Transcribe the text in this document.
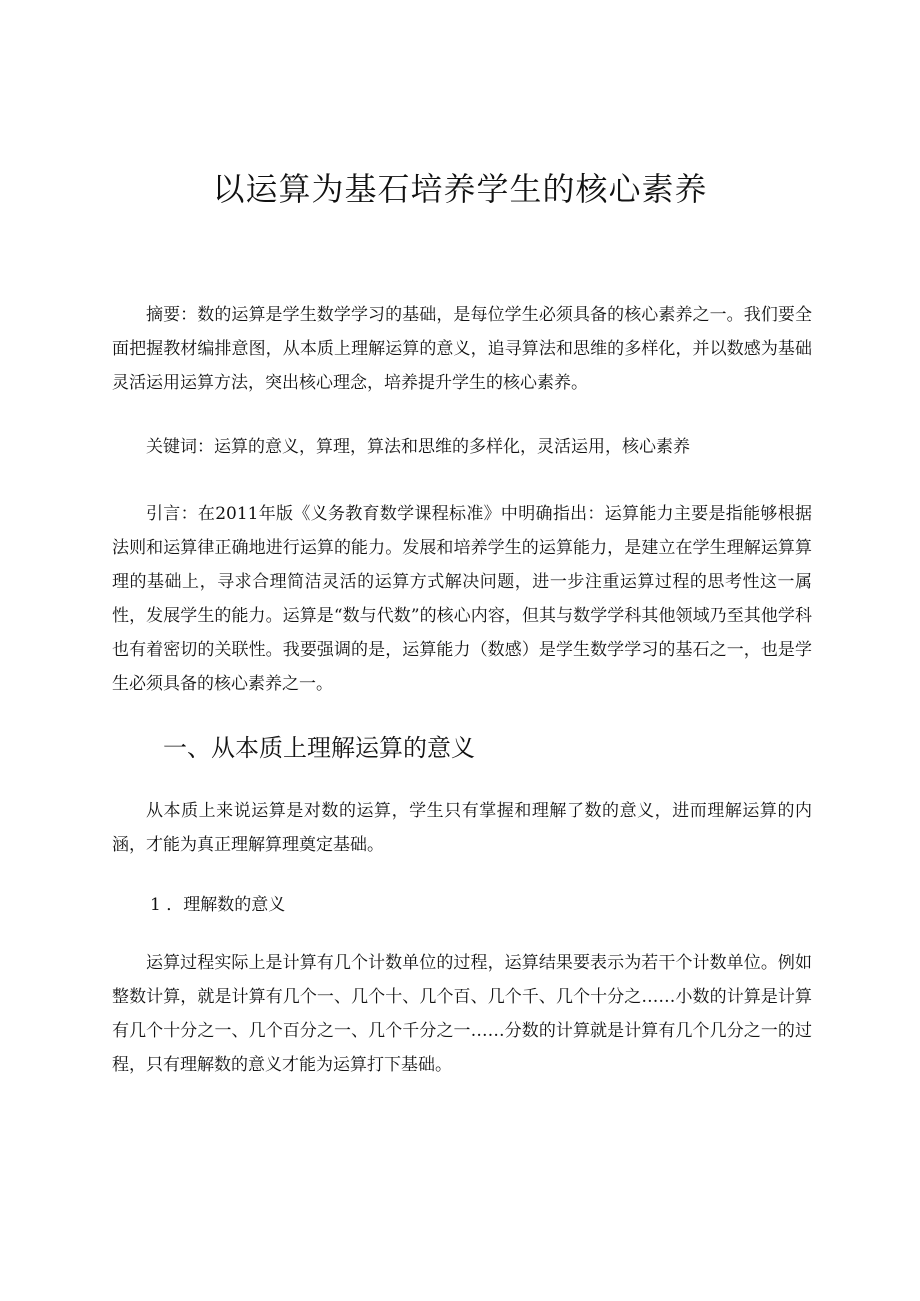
以运算为基石培养学生的核心素养

摘要：数的运算是学生数学学习的基础，是每位学生必须具备的核心素养之一。我们要全面把握教材编排意图，从本质上理解运算的意义，追寻算法和思维的多样化，并以数感为基础灵活运用运算方法，突出核心理念，培养提升学生的核心素养。

关键词：运算的意义，算理，算法和思维的多样化，灵活运用，核心素养

引言：在2011年版《义务教育数学课程标准》中明确指出：运算能力主要是指能够根据法则和运算律正确地进行运算的能力。发展和培养学生的运算能力，是建立在学生理解运算算理的基础上，寻求合理简洁灵活的运算方式解决问题，进一步注重运算过程的思考性这一属性，发展学生的能力。运算是“数与代数”的核心内容，但其与数学学科其他领域乃至其他学科也有着密切的关联性。我要强调的是，运算能力（数感）是学生数学学习的基石之一，也是学生必须具备的核心素养之一。

一、从本质上理解运算的意义

从本质上来说运算是对数的运算，学生只有掌握和理解了数的意义，进而理解运算的内涵，才能为真正理解算理奠定基础。

1 ．理解数的意义

运算过程实际上是计算有几个计数单位的过程，运算结果要表示为若干个计数单位。例如整数计算，就是计算有几个一、几个十、几个百、几个千、几个十分之……小数的计算是计算有几个十分之一、几个百分之一、几个千分之一……分数的计算就是计算有几个几分之一的过程，只有理解数的意义才能为运算打下基础。
